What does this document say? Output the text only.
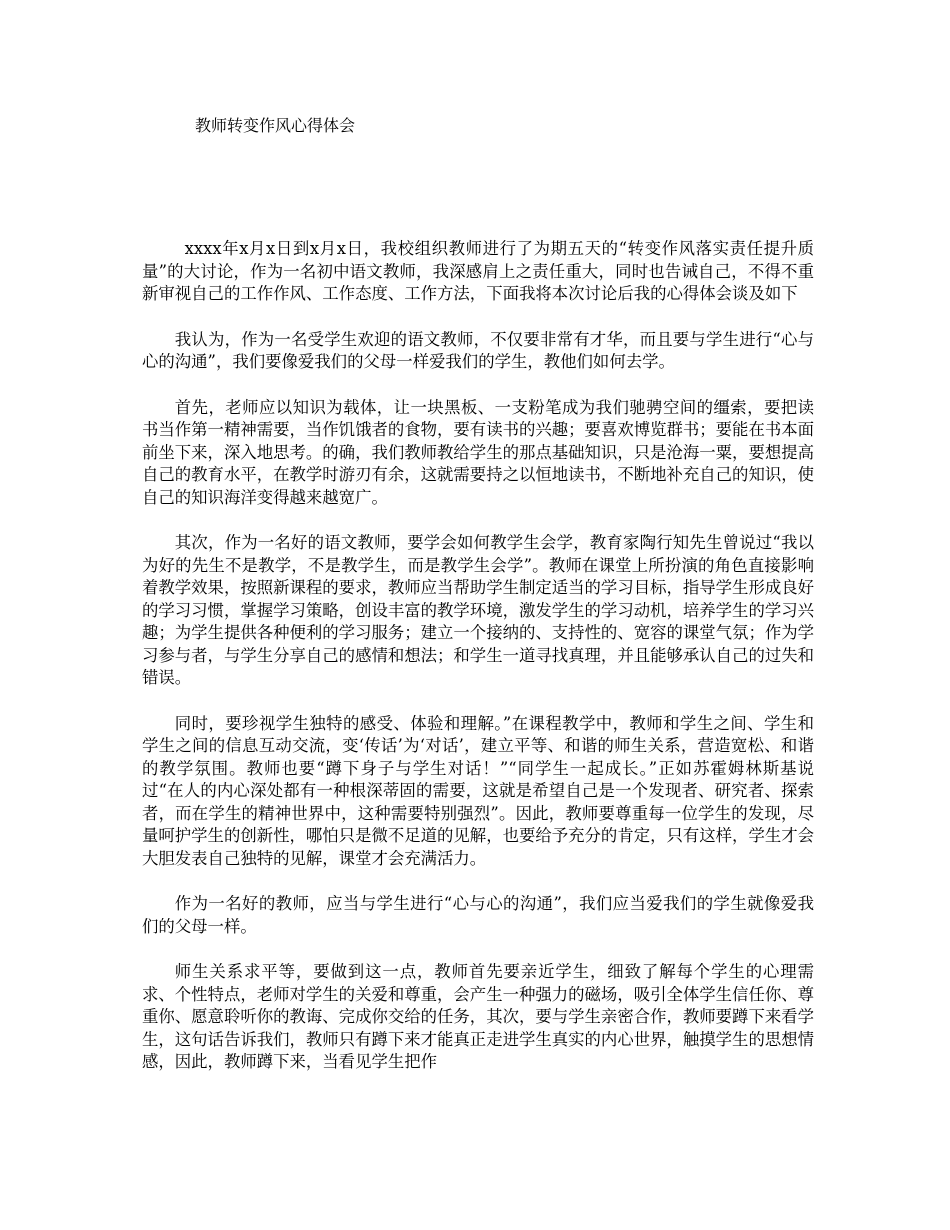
教师转变作风心得体会

xxxx年x月x日到x月x日，我校组织教师进行了为期五天的“转变作风落实责任提升质量”的大讨论，作为一名初中语文教师，我深感肩上之责任重大，同时也告诫自己，不得不重新审视自己的工作作风、工作态度、工作方法，下面我将本次讨论后我的心得体会谈及如下

我认为，作为一名受学生欢迎的语文教师，不仅要非常有才华，而且要与学生进行“心与心的沟通”，我们要像爱我们的父母一样爱我们的学生，教他们如何去学。

首先，老师应以知识为载体，让一块黑板、一支粉笔成为我们驰骋空间的缰索，要把读书当作第一精神需要，当作饥饿者的食物，要有读书的兴趣；要喜欢博览群书；要能在书本面前坐下来，深入地思考。的确，我们教师教给学生的那点基础知识，只是沧海一粟，要想提高自己的教育水平，在教学时游刃有余，这就需要持之以恒地读书，不断地补充自己的知识，使自己的知识海洋变得越来越宽广。

其次，作为一名好的语文教师，要学会如何教学生会学，教育家陶行知先生曾说过“我以为好的先生不是教学，不是教学生，而是教学生会学”。教师在课堂上所扮演的角色直接影响着教学效果，按照新课程的要求，教师应当帮助学生制定适当的学习目标，指导学生形成良好的学习习惯，掌握学习策略，创设丰富的教学环境，激发学生的学习动机，培养学生的学习兴趣；为学生提供各种便利的学习服务；建立一个接纳的、支持性的、宽容的课堂气氛；作为学习参与者，与学生分享自己的感情和想法；和学生一道寻找真理，并且能够承认自己的过失和错误。

同时，要珍视学生独特的感受、体验和理解。”在课程教学中，教师和学生之间、学生和学生之间的信息互动交流，变‘传话’为‘对话’，建立平等、和谐的师生关系，营造宽松、和谐的教学氛围。教师也要“蹲下身子与学生对话！”“同学生一起成长。”正如苏霍姆林斯基说过“在人的内心深处都有一种根深蒂固的需要，这就是希望自己是一个发现者、研究者、探索者，而在学生的精神世界中，这种需要特别强烈”。因此，教师要尊重每一位学生的发现，尽量呵护学生的创新性，哪怕只是微不足道的见解，也要给予充分的肯定，只有这样，学生才会大胆发表自己独特的见解，课堂才会充满活力。

作为一名好的教师，应当与学生进行“心与心的沟通”，我们应当爱我们的学生就像爱我们的父母一样。

师生关系求平等，要做到这一点，教师首先要亲近学生，细致了解每个学生的心理需求、个性特点，老师对学生的关爱和尊重，会产生一种强力的磁场，吸引全体学生信任你、尊重你、愿意聆听你的教诲、完成你交给的任务，其次，要与学生亲密合作，教师要蹲下来看学生，这句话告诉我们，教师只有蹲下来才能真正走进学生真实的内心世界，触摸学生的思想情感，因此，教师蹲下来，当看见学生把作
